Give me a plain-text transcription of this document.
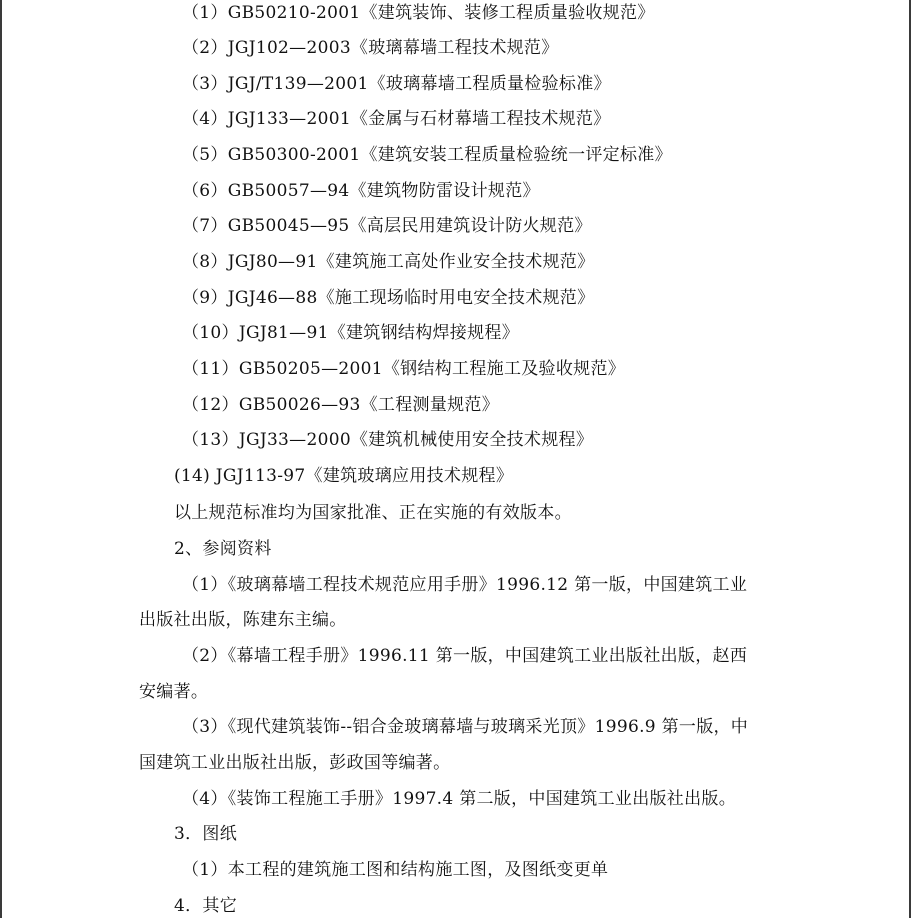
（1）GB50210-2001《建筑装饰、装修工程质量验收规范》
（2）JGJ102—2003《玻璃幕墙工程技术规范》
（3）JGJ/T139—2001《玻璃幕墙工程质量检验标准》
（4）JGJ133—2001《金属与石材幕墙工程技术规范》
（5）GB50300-2001《建筑安装工程质量检验统一评定标准》
（6）GB50057—94《建筑物防雷设计规范》
（7）GB50045—95《高层民用建筑设计防火规范》
（8）JGJ80—91《建筑施工高处作业安全技术规范》
（9）JGJ46—88《施工现场临时用电安全技术规范》
（10）JGJ81—91《建筑钢结构焊接规程》
（11）GB50205—2001《钢结构工程施工及验收规范》
（12）GB50026—93《工程测量规范》
（13）JGJ33—2000《建筑机械使用安全技术规程》
(14) JGJ113-97《建筑玻璃应用技术规程》
以上规范标准均为国家批准、正在实施的有效版本。
2、参阅资料
（1）《玻璃幕墙工程技术规范应用手册》1996.12 第一版，中国建筑工业
出版社出版，陈建东主编。
（2）《幕墙工程手册》1996.11 第一版，中国建筑工业出版社出版，赵西
安编著。
（3）《现代建筑装饰--铝合金玻璃幕墙与玻璃采光顶》1996.9 第一版，中
国建筑工业出版社出版，彭政国等编著。
（4）《装饰工程施工手册》1997.4 第二版，中国建筑工业出版社出版。
3．图纸
（1）本工程的建筑施工图和结构施工图，及图纸变更单
4．其它
